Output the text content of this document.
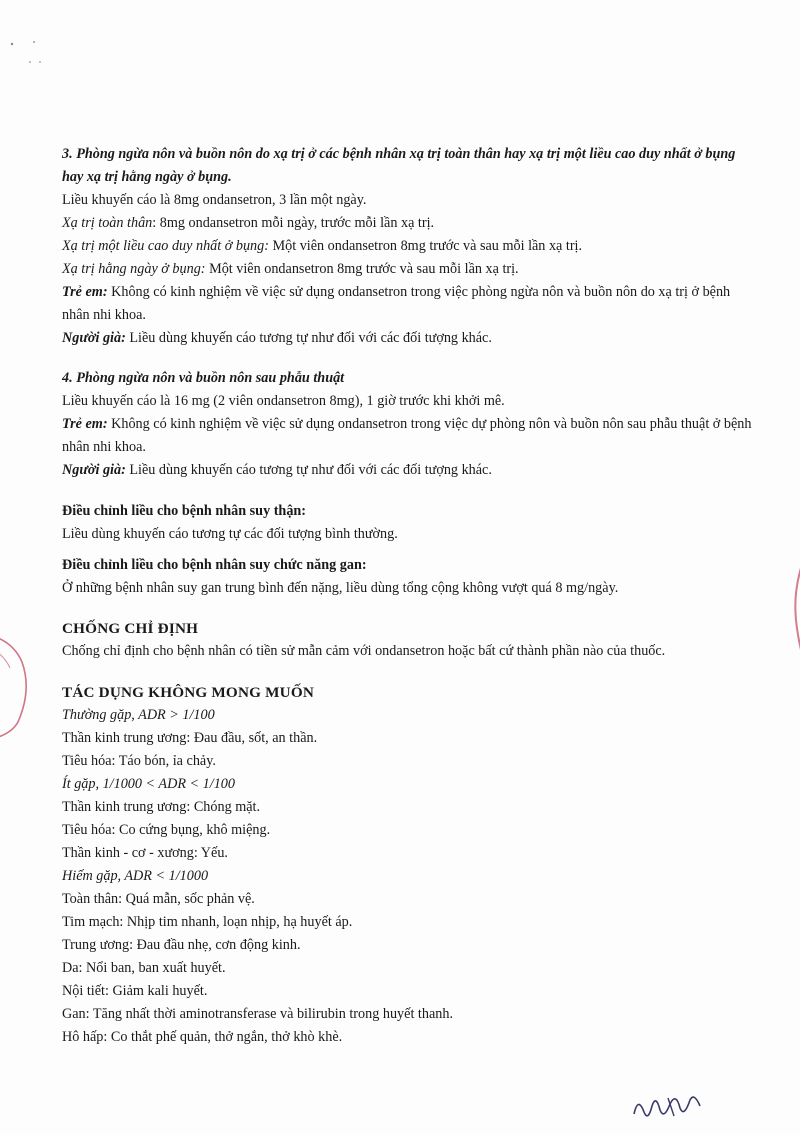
3. Phòng ngừa nôn và buồn nôn do xạ trị ở các bệnh nhân xạ trị toàn thân hay xạ trị một liều cao duy nhất ở bụng hay xạ trị hằng ngày ở bụng.

Liều khuyến cáo là 8mg ondansetron, 3 lần một ngày.

Xạ trị toàn thân: 8mg ondansetron mỗi ngày, trước mỗi lần xạ trị.

Xạ trị một liều cao duy nhất ở bụng: Một viên ondansetron 8mg trước và sau mỗi lần xạ trị.

Xạ trị hằng ngày ở bụng: Một viên ondansetron 8mg trước và sau mỗi lần xạ trị.

Trẻ em: Không có kinh nghiệm về việc sử dụng ondansetron trong việc phòng ngừa nôn và buồn nôn do xạ trị ở bệnh nhân nhi khoa.

Người già: Liều dùng khuyến cáo tương tự như đối với các đối tượng khác.

4. Phòng ngừa nôn và buồn nôn sau phẫu thuật

Liều khuyến cáo là 16 mg (2 viên ondansetron 8mg), 1 giờ trước khi khởi mê.

Trẻ em: Không có kinh nghiệm về việc sử dụng ondansetron trong việc dự phòng nôn và buồn nôn sau phẫu thuật ở bệnh nhân nhi khoa.

Người già: Liều dùng khuyến cáo tương tự như đối với các đối tượng khác.

Điều chỉnh liều cho bệnh nhân suy thận:

Liều dùng khuyến cáo tương tự các đối tượng bình thường.

Điều chỉnh liều cho bệnh nhân suy chức năng gan:

Ở những bệnh nhân suy gan trung bình đến nặng, liều dùng tổng cộng không vượt quá 8 mg/ngày.

CHỐNG CHỈ ĐỊNH

Chống chỉ định cho bệnh nhân có tiền sử mẫn cảm với ondansetron hoặc bất cứ thành phần nào của thuốc.

TÁC DỤNG KHÔNG MONG MUỐN

Thường gặp, ADR > 1/100

Thần kinh trung ương: Đau đầu, sốt, an thần.

Tiêu hóa: Táo bón, ỉa chảy.

Ít gặp, 1/1000 < ADR < 1/100

Thần kinh trung ương: Chóng mặt.

Tiêu hóa: Co cứng bụng, khô miệng.

Thần kinh - cơ - xương: Yếu.

Hiếm gặp, ADR < 1/1000

Toàn thân: Quá mẫn, sốc phản vệ.

Tim mạch: Nhịp tim nhanh, loạn nhịp, hạ huyết áp.

Trung ương: Đau đầu nhẹ, cơn động kinh.

Da: Nổi ban, ban xuất huyết.

Nội tiết: Giảm kali huyết.

Gan: Tăng nhất thời aminotransferase và bilirubin trong huyết thanh.

Hô hấp: Co thắt phế quản, thở ngắn, thở khò khè.
